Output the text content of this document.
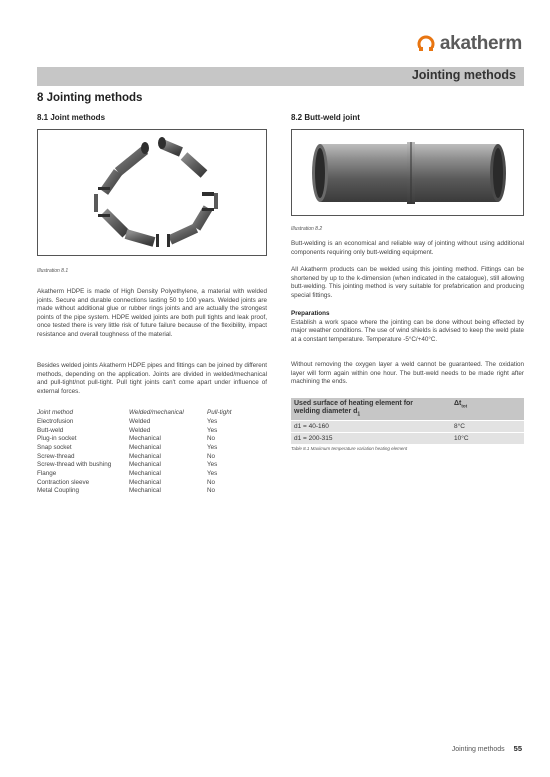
akatherm
Jointing methods
8 Jointing methods
8.1 Joint methods
Illustration 8.1
Akatherm HDPE is made of High Density Polyethylene, a material with welded joints. Secure and durable connections lasting 50 to 100 years. Welded joints are made without additional glue or rubber rings joints and are actually the strongest points of the pipe system. HDPE welded joints are both pull tights and leak proof, once tested there is very little risk of future failure because of the flexibility, impact resistance and overall toughness of the material.
Besides welded joints Akatherm HDPE pipes and fittings can be joined by different methods, depending on the application. Joints are divided in welded/mechanical and pull-tight/not pull-tight. Pull tight joints can't come apart under influence of external forces.
Joint method	Welded/mechanical	Pull-tight
Electrofusion	Welded	Yes
Butt-weld	Welded	Yes
Plug-in socket	Mechanical	No
Snap socket	Mechanical	Yes
Screw-thread	Mechanical	No
Screw-thread with bushing	Mechanical	Yes
Flange	Mechanical	Yes
Contraction sleeve	Mechanical	No
Metal Coupling	Mechanical	No
8.2 Butt-weld joint
Illustration 8.2
Butt-welding is an economical and reliable way of jointing without using additional components requiring only butt-welding equipment.
All Akatherm products can be welded using this jointing method. Fittings can be shortened by up to the k-dimension (when indicated in the catalogue), still allowing butt-welding. This jointing method is very suitable for prefabrication and producing special fittings.
Preparations
Establish a work space where the jointing can be done without being effected by major weather conditions. The use of wind shields is advised to keep the weld plate at a constant temperature. Temperature -5°C/+40°C.
Without removing the oxygen layer a weld cannot be guaranteed. The oxidation layer will form again within one hour. The butt-weld needs to be made right after machining the ends.
Used surface of heating element for
welding diameter $d_1$	$\Delta t_{tot}$
d1 = 40-160	8°C
d1 = 200-315	10°C
Table 8.1 Maximum temperature variation heating element
Jointing methods 55
